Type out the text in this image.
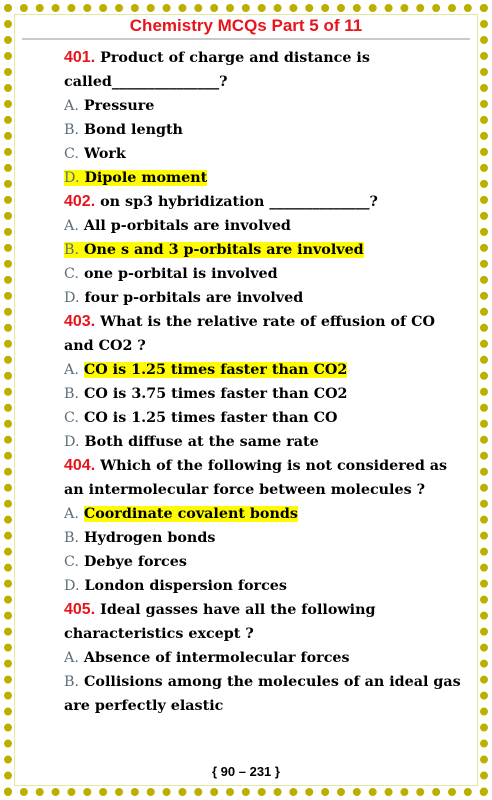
Chemistry MCQs Part 5 of 11
401. Product of charge and distance is
called_______________?
A. Pressure
B. Bond length
C. Work
D. Dipole moment
402. on sp3 hybridization ______________?
A. All p-orbitals are involved
B. One s and 3 p-orbitals are involved
C. one p-orbital is involved
D. four p-orbitals are involved
403. What is the relative rate of effusion of CO
and CO2 ?
A. CO is 1.25 times faster than CO2
B. CO is 3.75 times faster than CO2
C. CO is 1.25 times faster than CO
D. Both diffuse at the same rate
404. Which of the following is not considered as
an intermolecular force between molecules ?
A. Coordinate covalent bonds
B. Hydrogen bonds
C. Debye forces
D. London dispersion forces
405. Ideal gasses have all the following
characteristics except ?
A. Absence of intermolecular forces
B. Collisions among the molecules of an ideal gas
are perfectly elastic
{ 90 – 231 }
